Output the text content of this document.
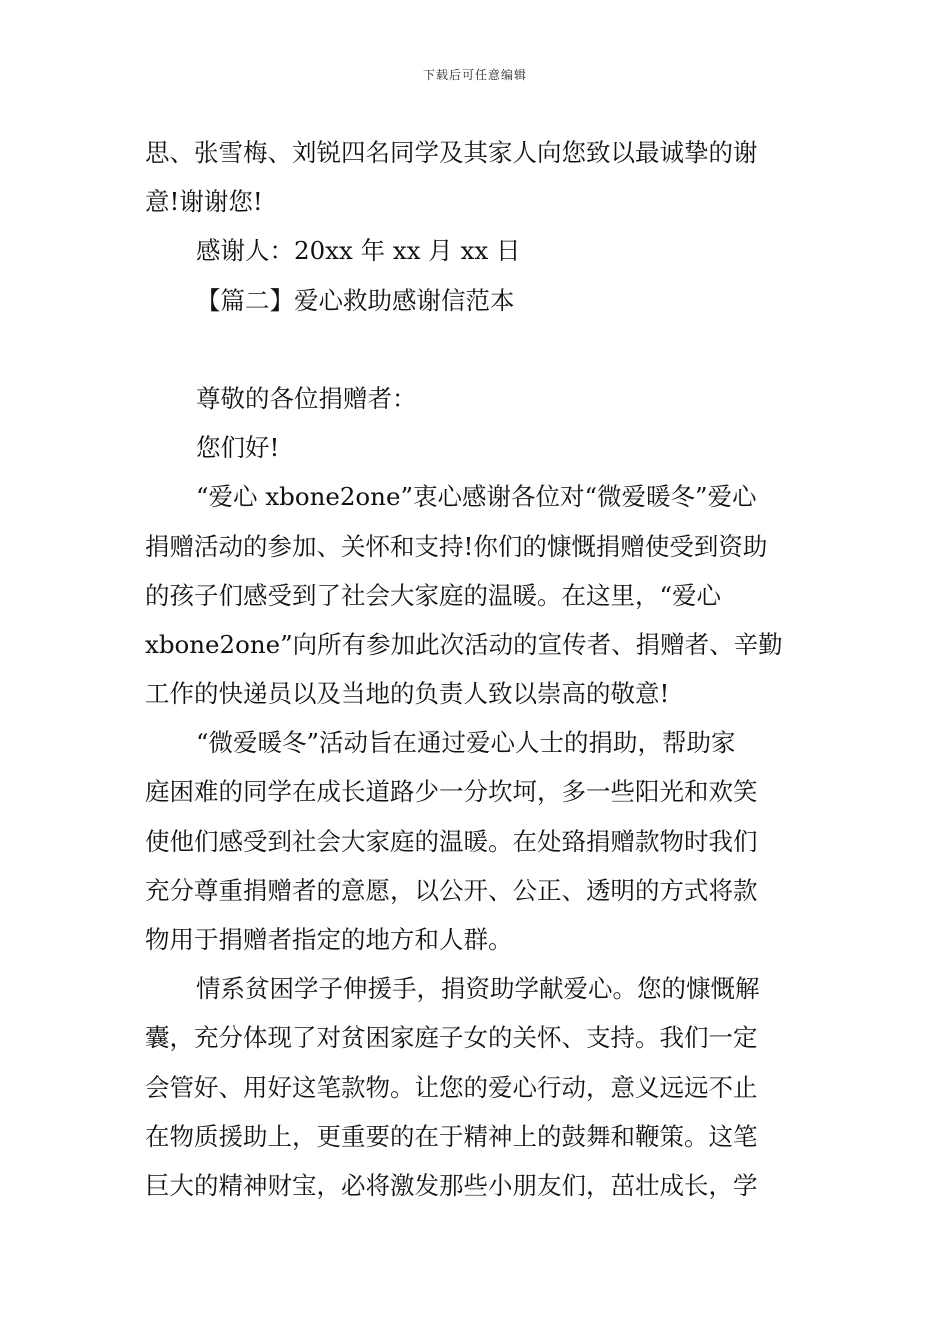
下载后可任意编辑
思、张雪梅、刘锐四名同学及其家人向您致以最诚挚的谢
意!谢谢您!
感谢人：20xx 年 xx 月 xx 日
【篇二】爱心救助感谢信范本
尊敬的各位捐赠者：
您们好!
“爱心 xbone2one”衷心感谢各位对“微爱暖冬”爱心
捐赠活动的参加、关怀和支持!你们的慷慨捐赠使受到资助
的孩子们感受到了社会大家庭的温暖。在这里，“爱心
xbone2one”向所有参加此次活动的宣传者、捐赠者、辛勤
工作的快递员以及当地的负责人致以崇高的敬意!
“微爱暖冬”活动旨在通过爱心人士的捐助，帮助家
庭困难的同学在成长道路少一分坎坷，多一些阳光和欢笑
使他们感受到社会大家庭的温暖。在处臵捐赠款物时我们
充分尊重捐赠者的意愿，以公开、公正、透明的方式将款
物用于捐赠者指定的地方和人群。
情系贫困学子伸援手，捐资助学献爱心。您的慷慨解
囊，充分体现了对贫困家庭子女的关怀、支持。我们一定
会管好、用好这笔款物。让您的爱心行动，意义远远不止
在物质援助上，更重要的在于精神上的鼓舞和鞭策。这笔
巨大的精神财宝，必将激发那些小朋友们，茁壮成长，学
